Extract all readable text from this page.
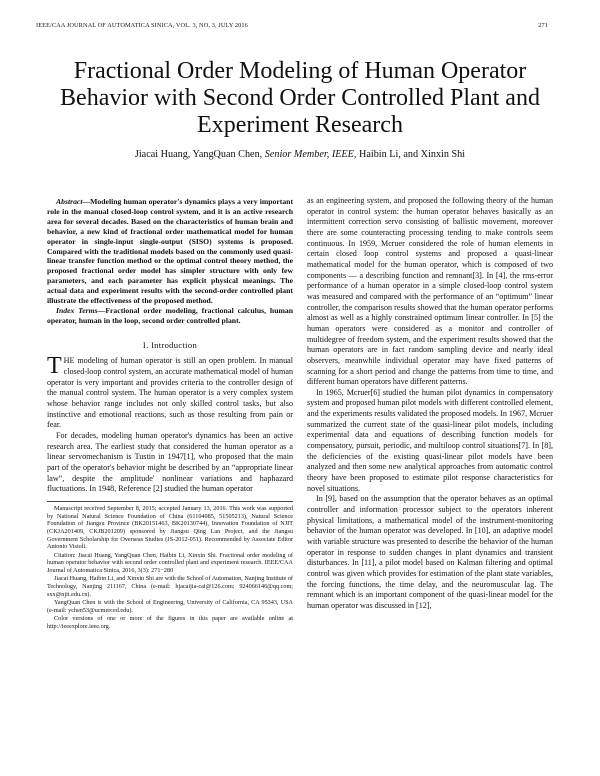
IEEE/CAA JOURNAL OF AUTOMATICA SINICA, VOL. 3, NO. 3, JULY 2016	271
Fractional Order Modeling of Human Operator Behavior with Second Order Controlled Plant and Experiment Research
Jiacai Huang, YangQuan Chen, Senior Member, IEEE, Haibin Li, and Xinxin Shi

Abstract—Modeling human operator's dynamics plays a very important role in the manual closed-loop control system, and it is an active research area for several decades. Based on the characteristics of human brain and behavior, a new kind of fractional order mathematical model for human operator in single-input single-output (SISO) systems is proposed. Compared with the traditional models based on the commonly used quasi-linear transfer function method or the optimal control theory method, the proposed fractional order model has simpler structure with only few parameters, and each parameter has explicit physical meanings. The actual data and experiment results with the second-order controlled plant illustrate the effectiveness of the proposed method.

Index Terms—Fractional order modeling, fractional calculus, human operator, human in the loop, second order controlled plant.

I. Introduction

THE modeling of human operator is still an open problem. In manual closed-loop control system, an accurate mathematical model of human operator is very important and provides criteria to the controller design of the manual control system. The human operator is a very complex system whose behavior range includes not only skilled control tasks, but also instinctive and emotional reactions, such as those resulting from pain or fear.

For decades, modeling human operator's dynamics has been an active research area. The earliest study that considered the human operator as a linear servomechanism is Tustin in 1947[1], who proposed that the main part of the operator's behavior might be described by an “appropriate linear law”, despite the amplitude' nonlinear variations and haphazard fluctuations. In 1948, Reference [2] studied the human operator

Manuscript received September 8, 2015; accepted January 13, 2016. This work was supported by National Natural Science Foundation of China (61104085, 51505213), Natural Science Foundation of Jiangsu Province (BK20151463, BK20130744), Innovation Foundation of NJIT (CKJA201409, CKJB201209) sponsored by Jiangsu Qing Lan Project, and the Jiangsu Government Scholarship for Overseas Studies (JS-2012-051). Recommended by Associate Editor Antonio Visioli.

Citation: Jiacai Huang, YangQuan Chen, Haibin Li, Xinxin Shi. Fractional order modeling of human operator behavior with second order controlled plant and experiment research. IEEE/CAA Journal of Automatica Sinica, 2016, 3(3): 271−280

Jiacai Huang, Haibin Li, and Xinxin Shi are with the School of Automation, Nanjing Institute of Technology, Nanjing 211167, China (e-mail: hjacaijia-cai@126.com; 924066146@qq.com; sxx@njit.edu.cn).

YangQuan Chen is with the School of Engineering, University of California, CA 95343, USA (e-mail: ychen53@ucmerced.edu).

Color versions of one or more of the figures in this paper are available online at http://ieeexplore.ieee.org.

as an engineering system, and proposed the following theory of the human operator in control system: the human operator behaves basically as an intermittent correction servo consisting of ballistic movement, moreover there are some counteracting processing tending to make controls seem continuous. In 1959, Mcruer considered the role of human elements in certain closed loop control systems and proposed a quasi-linear mathematical model for the human operator, which is composed of two components — a describing function and remnant[3]. In [4], the rms-error performance of a human operator in a simple closed-loop control system was measured and compared with the performance of an “optimum” linear controller, the comparison results showed that the human operator performs almost as well as a highly constrained optimum linear controller. In [5] the human operators were considered as a monitor and controller of multidegree of freedom system, and the experiment results showed that the human operators are in fact random sampling device and nearly ideal observers, meanwhile individual operator may have fixed patterns of scanning for a short period and change the patterns from time to time, and different human operators have different patterns.

In 1965, Mcruer[6] studied the human pilot dynamics in compensatory system and proposed human pilot models with different controlled element, and the experiments results validated the proposed models. In 1967, Mcruer summarized the current state of the quasi-linear pilot models, including experimental data and equations of describing function models for compensatory, pursuit, periodic, and multiloop control situations[7]. In [8], the deficiencies of the existing quasi-linear pilot models have been analyzed and then some new analytical approaches from automatic control theory have been proposed to estimate pilot response characteristics for novel situations.

In [9], based on the assumption that the operator behaves as an optimal controller and information processor subject to the operators inherent physical limitations, a mathematical model of the instrument-monitoring behavior of the human operator was developed. In [10], an adaptive model with variable structure was presented to describe the behavior of the human operator in response to sudden changes in plant dynamics and transient disturbances. In [11], a pilot model based on Kalman filtering and optimal control was given which provides for estimation of the plant state variables, the forcing functions, the time delay, and the neuromuscular lag. The remnant which is an important component of the quasi-linear model for the human operator was discussed in [12],
